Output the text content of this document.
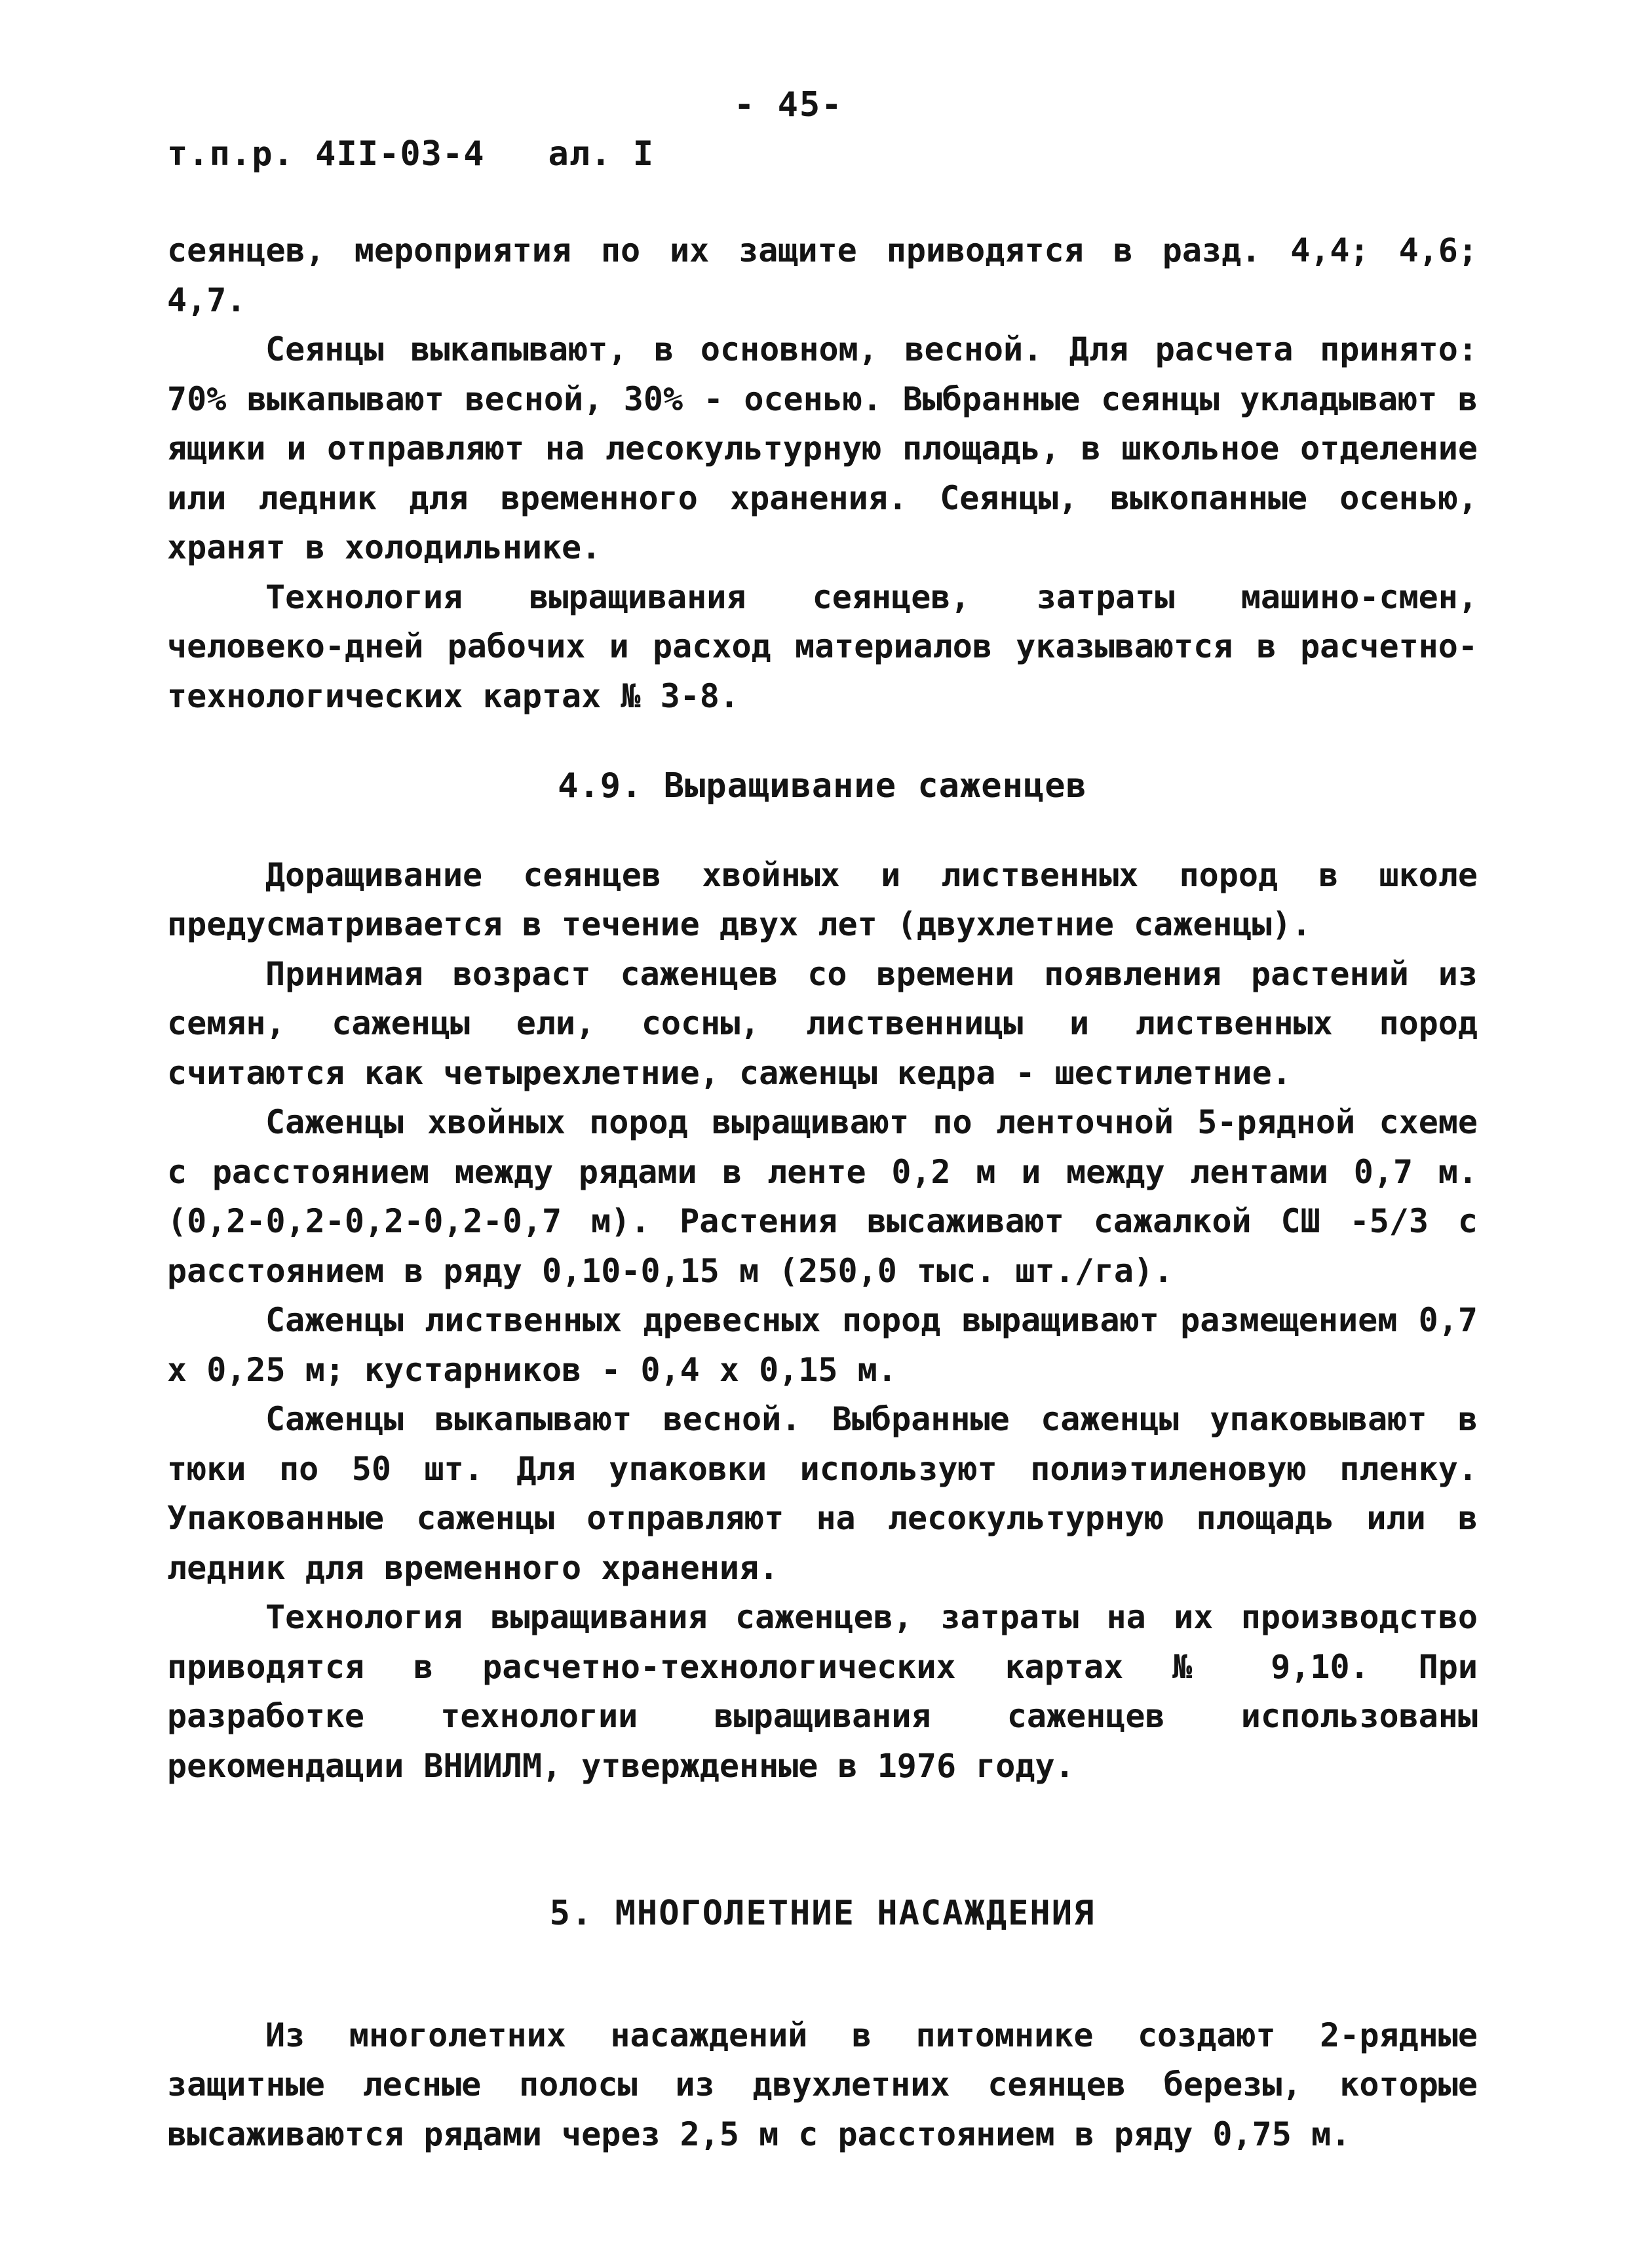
- 45-
т.п.р. 4II-03-4   ал. I

сеянцев, мероприятия по их защите приводятся в разд. 4,4; 4,6; 4,7.

Сеянцы выкапывают, в основном, весной. Для расчета принято: 70% выкапывают весной, 30% - осенью. Выбранные сеянцы укладывают в ящики и отправляют на лесокультурную площадь, в школьное отделение или ледник для временного хранения. Сеянцы, выкопанные осенью, хранят в холодильнике.

Технология выращивания сеянцев, затраты машино-смен, человеко-дней рабочих и расход материалов указываются в расчетно-технологических картах № 3-8.

4.9. Выращивание саженцев

Доращивание сеянцев хвойных и лиственных пород в школе предусматривается в течение двух лет (двухлетние саженцы).

Принимая возраст саженцев со времени появления растений из семян, саженцы ели, сосны, лиственницы и лиственных пород считаются как четырехлетние, саженцы кедра - шестилетние.

Саженцы хвойных пород выращивают по ленточной 5-рядной схеме с расстоянием между рядами в ленте 0,2 м и между лентами 0,7 м. (0,2-0,2-0,2-0,2-0,7 м). Растения высаживают сажалкой СШ -5/3 с расстоянием в ряду 0,10-0,15 м (250,0 тыс. шт./га).

Саженцы лиственных древесных пород выращивают размещением 0,7 х 0,25 м; кустарников - 0,4 х 0,15 м.

Саженцы выкапывают весной. Выбранные саженцы упаковывают в тюки по 50 шт. Для упаковки используют полиэтиленовую пленку. Упакованные саженцы отправляют на лесокультурную площадь или в ледник для временного хранения.

Технология выращивания саженцев, затраты на их производство приводятся в расчетно-технологических картах № 9,10. При разработке технологии выращивания саженцев использованы рекомендации ВНИИЛМ, утвержденные в 1976 году.

5. МНОГОЛЕТНИЕ НАСАЖДЕНИЯ

Из многолетних насаждений в питомнике создают 2-рядные защитные лесные полосы из двухлетних сеянцев березы, которые высаживаются рядами через 2,5 м с расстоянием в ряду 0,75 м.
